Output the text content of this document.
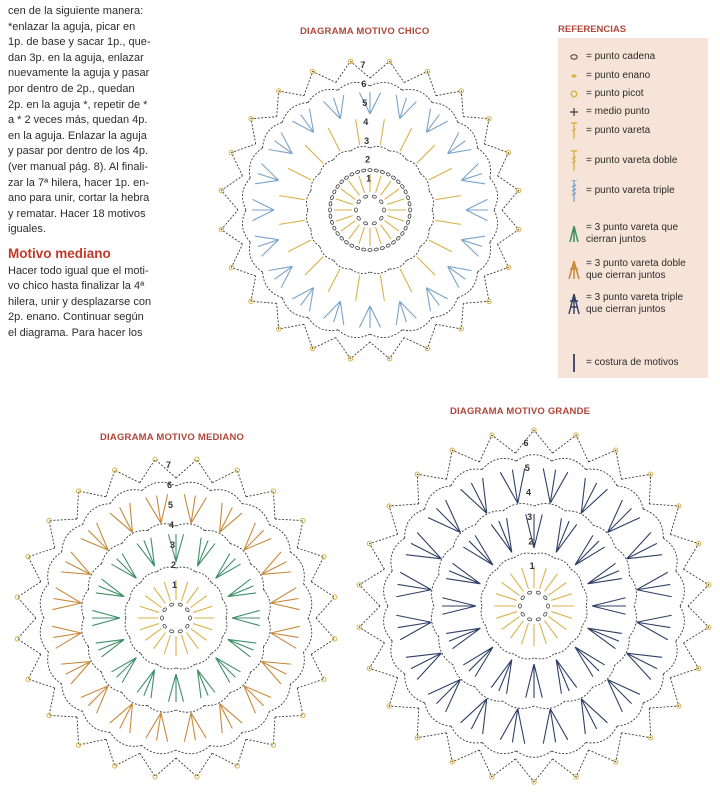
cen de la siguiente manera:
*enlazar la aguja, picar en
1p. de base y sacar 1p., que-
dan 3p. en la aguja, enlazar
nuevamente la aguja y pasar
por dentro de 2p., quedan
2p. en la aguja *, repetir de *
a * 2 veces más, quedan 4p.
en la aguja. Enlazar la aguja
y pasar por dentro de los 4p.
(ver manual pág. 8). Al finali-
zar la 7ª hilera, hacer 1p. en-
ano para unir, cortar la hebra
y rematar. Hacer 18 motivos
iguales.

Motivo mediano

Hacer todo igual que el moti-
vo chico hasta finalizar la 4ª
hilera, unir y desplazarse con
2p. enano. Continuar según
el diagrama. Para hacer los

DIAGRAMA MOTIVO CHICO
DIAGRAMA MOTIVO MEDIANO
DIAGRAMA MOTIVO GRANDE
7
6
5
4
3
2
1
7
6
5
4
3
2
1
6
5
4
3
2
1
REFERENCIAS
= punto cadena
= punto enano
= punto picot
= medio punto
= punto vareta
= punto vareta doble
= punto vareta triple
= 3 punto vareta que
cierran juntos
= 3 punto vareta doble
que cierran juntos
= 3 punto vareta triple
que cierran juntos
= costura de motivos
